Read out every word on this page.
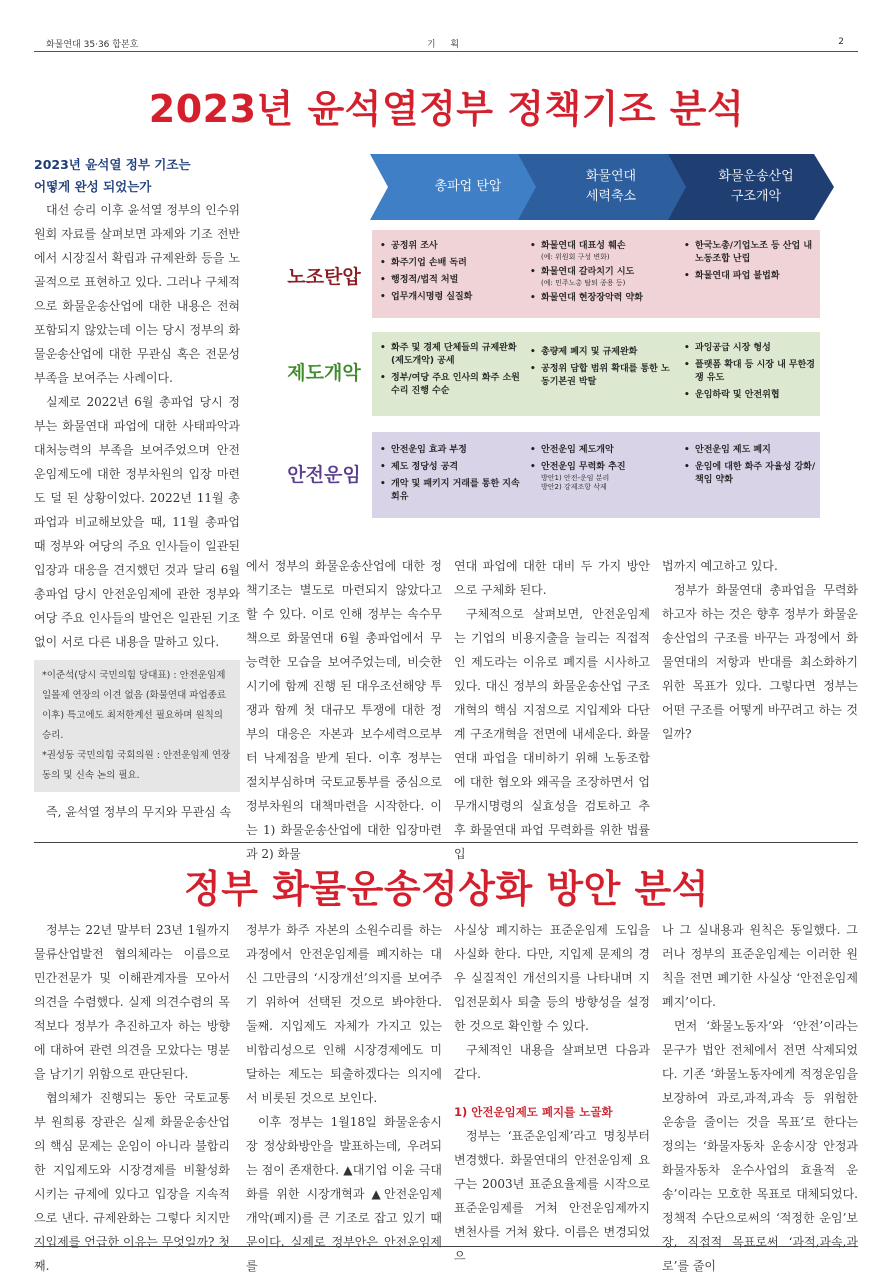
화물연대 35·36 합본호	기 획	2
2023년 윤석열정부 정책기조 분석
2023년 윤석열 정부 기조는
어떻게 완성 되었는가

대선 승리 이후 윤석열 정부의 인수위원회 자료를 살펴보면 과제와 기조 전반에서 시장질서 확립과 규제완화 등을 노골적으로 표현하고 있다. 그러나 구체적으로 화물운송산업에 대한 내용은 전혀 포함되지 않았는데 이는 당시 정부의 화물운송산업에 대한 무관심 혹은 전문성 부족을 보여주는 사례이다.

실제로 2022년 6월 총파업 당시 정부는 화물연대 파업에 대한 사태파악과 대처능력의 부족을 보여주었으며 안전운임제도에 대한 정부차원의 입장 마련도 덜 된 상황이었다. 2022년 11월 총파업과 비교해보았을 때, 11월 총파업 때 정부와 여당의 주요 인사들이 일관된 입장과 대응을 견지했던 것과 달리 6월 총파업 당시 안전운임제에 관한 정부와 여당 주요 인사들의 발언은 일관된 기조 없이 서로 다른 내용을 말하고 있다.

*이준석(당시 국민의힘 당대표) : 안전운임제 일몰제 연장의 이견 없음 (화물연대 파업종료 이후) 특고에도 최저한계선 필요하며 원칙의 승리.
*권성동 국민의힘 국회의원 : 안전운임제 연장 동의 및 신속 논의 필요.

즉, 윤석열 정부의 무지와 무관심 속

총파업 탄압
화물연대
세력축소
화물운송산업
구조개악
노조탄압
• 공정위 조사
• 화주기업 손배 독려
• 행정적/법적 처벌
• 업무개시명령 실질화
• 화물연대 대표성 훼손
(예: 위원회 구성 변화)
• 화물연대 갈라치기 시도
(예: 민주노총 탈퇴 종용 등)
• 화물연대 현장장악력 약화
• 한국노총/기업노조 등 산업 내 노동조합 난립
• 화물연대 파업 불법화
제도개악
• 화주 및 경제 단체들의 규제완화(제도개악) 공세
• 정부/여당 주요 인사의 화주 소원수리 진행 수순
• 총량제 폐지 및 규제완화
• 공정위 담합 범위 확대를 통한 노동기본권 박탈
• 과잉공급 시장 형성
• 플랫폼 확대 등 시장 내 무한경쟁 유도
• 운임하락 및 안전위협
안전운임
• 안전운임 효과 부정
• 제도 정당성 공격
• 개악 및 패키지 거래를 통한 지속 회유
• 안전운임 제도개악
• 안전운임 무력화 추진
방안1) 안전-운임 분리
방안2) 강제조항 삭제
• 안전운임 제도 폐지
• 운임에 대한 화주 자율성 강화/책임 약화

에서 정부의 화물운송산업에 대한 정책기조는 별도로 마련되지 않았다고 할 수 있다. 이로 인해 정부는 속수무책으로 화물연대 6월 총파업에서 무능력한 모습을 보여주었는데, 비슷한 시기에 함께 진행 된 대우조선해양 투쟁과 함께 첫 대규모 투쟁에 대한 정부의 대응은 자본과 보수세력으로부터 낙제점을 받게 된다. 이후 정부는 절치부심하며 국토교통부를 중심으로 정부차원의 대책마련을 시작한다. 이는 1) 화물운송산업에 대한 입장마련과 2) 화물

연대 파업에 대한 대비 두 가지 방안으로 구체화 된다.

구체적으로 살펴보면, 안전운임제는 기업의 비용지출을 늘리는 직접적인 제도라는 이유로 폐지를 시사하고 있다. 대신 정부의 화물운송산업 구조개혁의 핵심 지점으로 지입제와 다단계 구조개혁을 전면에 내세운다. 화물연대 파업을 대비하기 위해 노동조합에 대한 혐오와 왜곡을 조장하면서 업무개시명령의 실효성을 검토하고 추후 화물연대 파업 무력화를 위한 법률 입

법까지 예고하고 있다.

정부가 화물연대 총파업을 무력화하고자 하는 것은 향후 정부가 화물운송산업의 구조를 바꾸는 과정에서 화물연대의 저항과 반대를 최소화하기 위한 목표가 있다. 그렇다면 정부는 어떤 구조를 어떻게 바꾸려고 하는 것일까?

정부 화물운송정상화 방안 분석

정부는 22년 말부터 23년 1월까지 물류산업발전 협의체라는 이름으로 민간전문가 및 이해관계자를 모아서 의견을 수렴했다. 실제 의견수렴의 목적보다 정부가 추진하고자 하는 방향에 대하여 관련 의견을 모았다는 명분을 남기기 위함으로 판단된다.

협의체가 진행되는 동안 국토교통부 원희룡 장관은 실제 화물운송산업의 핵심 문제는 운임이 아니라 불합리한 지입제도와 시장경제를 비활성화 시키는 규제에 있다고 입장을 지속적으로 낸다. 규제완화는 그렇다 치지만 지입제를 언급한 이유는 무엇일까? 첫째.

정부가 화주 자본의 소원수리를 하는 과정에서 안전운임제를 폐지하는 대신 그만큼의 ‘시장개선’의지를 보여주기 위하여 선택된 것으로 봐야한다. 둘째. 지입제도 자체가 가지고 있는 비합리성으로 인해 시장경제에도 미달하는 제도는 퇴출하겠다는 의지에서 비롯된 것으로 보인다.

이후 정부는 1월18일 화물운송시장 정상화방안을 발표하는데, 우려되는 점이 존재한다. ▲대기업 이윤 극대화를 위한 시장개혁과 ▲안전운임제 개악(폐지)를 큰 기조로 잡고 있기 때문이다. 실제로 정부안은 안전운임제를

사실상 폐지하는 표준운임제 도입을 사실화 한다. 다만, 지입제 문제의 경우 실질적인 개선의지를 나타내며 지입전문회사 퇴출 등의 방향성을 설정한 것으로 확인할 수 있다.

구체적인 내용을 살펴보면 다음과 같다.

1) 안전운임제도 폐지를 노골화

정부는 ‘표준운임제’라고 명칭부터 변경했다. 화물연대의 안전운임제 요구는 2003년 표준요율제를 시작으로 표준운임제를 거쳐 안전운임제까지 변천사를 거쳐 왔다. 이름은 변경되었으

나 그 실내용과 원칙은 동일했다. 그러나 정부의 표준운임제는 이러한 원칙을 전면 폐기한 사실상 ‘안전운임제 폐지’이다.

먼저 ‘화물노동자’와 ‘안전’이라는 문구가 법안 전체에서 전면 삭제되었다. 기존 ‘화물노동자에게 적정운임을 보장하여 과로,과적,과속 등 위험한 운송을 줄이는 것을 목표’로 한다는 정의는 ‘화물자동차 운송시장 안정과 화물자동차 운수사업의 효율적 운송’이라는 모호한 목표로 대체되었다. 정책적 수단으로써의 ‘적정한 운임’보장, 직접적 목표로써 ‘과적,과속,과로’를 줄이
